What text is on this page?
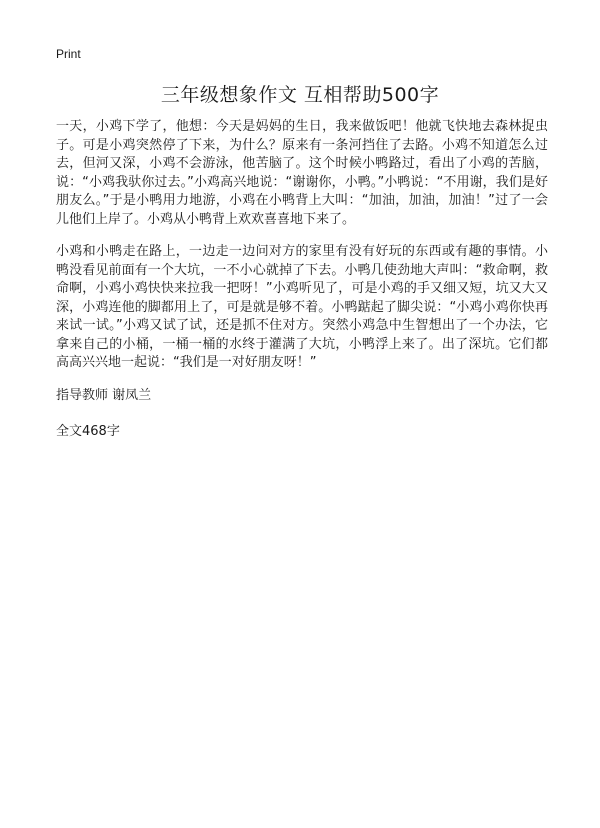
Print
三年级想象作文 互相帮助500字

一天，小鸡下学了，他想：今天是妈妈的生日，我来做饭吧！他就飞快地去森林捉虫子。可是小鸡突然停了下来，为什么？原来有一条河挡住了去路。小鸡不知道怎么过去，但河又深，小鸡不会游泳，他苦脑了。这个时候小鸭路过，看出了小鸡的苦脑，说：“小鸡我驮你过去。”小鸡高兴地说：“谢谢你，小鸭。”小鸭说：“不用谢，我们是好朋友么。”于是小鸭用力地游，小鸡在小鸭背上大叫：“加油，加油，加油！”过了一会儿他们上岸了。小鸡从小鸭背上欢欢喜喜地下来了。

小鸡和小鸭走在路上，一边走一边问对方的家里有没有好玩的东西或有趣的事情。小鸭没看见前面有一个大坑，一不小心就掉了下去。小鸭几使劲地大声叫：“救命啊，救命啊，小鸡小鸡快快来拉我一把呀！”小鸡听见了，可是小鸡的手又细又短，坑又大又深，小鸡连他的脚都用上了，可是就是够不着。小鸭踮起了脚尖说：“小鸡小鸡你快再来试一试。”小鸡又试了试，还是抓不住对方。突然小鸡急中生智想出了一个办法，它拿来自己的小桶，一桶一桶的水终于灌满了大坑，小鸭浮上来了。出了深坑。它们都高高兴兴地一起说：“我们是一对好朋友呀！”

指导教师 谢凤兰

全文468字
